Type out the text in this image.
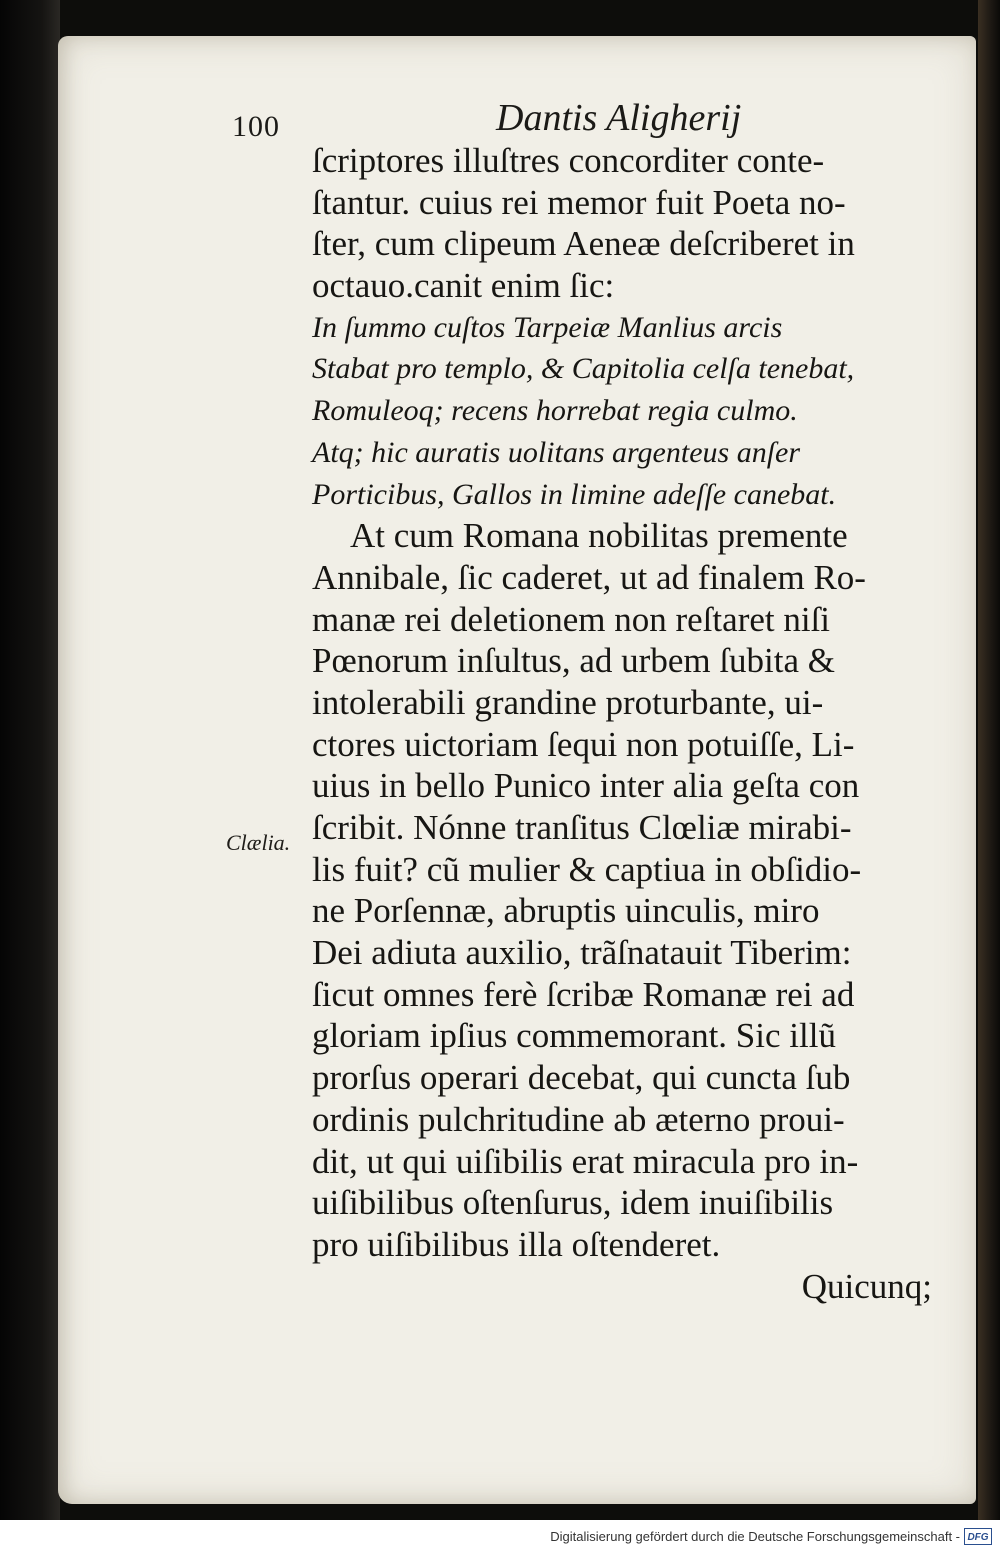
100	Dantis Aligherij
Clælia.
ſcriptores illuſtres concorditer conte-
ſtantur. cuius rei memor fuit Poeta no-
ſter, cum clipeum Aeneæ deſcriberet in
octauo.canit enim ſic:
In ſummo cuſtos Tarpeiæ Manlius arcis
Stabat pro templo, & Capitolia celſa tenebat,
Romuleoq; recens horrebat regia culmo.
Atq; hic auratis uolitans argenteus anſer
Porticibus, Gallos in limine adeſſe canebat.
At cum Romana nobilitas premente
Annibale, ſic caderet, ut ad finalem Ro-
manæ rei deletionem non reſtaret niſi
Pœnorum inſultus, ad urbem ſubita &
intolerabili grandine proturbante, ui-
ctores uictoriam ſequi non potuiſſe, Li-
uius in bello Punico inter alia geſta con
ſcribit. Nónne tranſitus Clœliæ mirabi-
lis fuit? cũ mulier & captiua in obſidio-
ne Porſennæ, abruptis uinculis, miro
Dei adiuta auxilio, trãſnatauit Tiberim:
ſicut omnes ferè ſcribæ Romanæ rei ad
gloriam ipſius commemorant. Sic illũ
prorſus operari decebat, qui cuncta ſub
ordinis pulchritudine ab æterno proui-
dit, ut qui uiſibilis erat miracula pro in-
uiſibilibus oſtenſurus, idem inuiſibilis
pro uiſibilibus illa oſtenderet.
Quicunq;
Digitalisierung gefördert durch die Deutsche Forschungsgemeinschaft - DFG
